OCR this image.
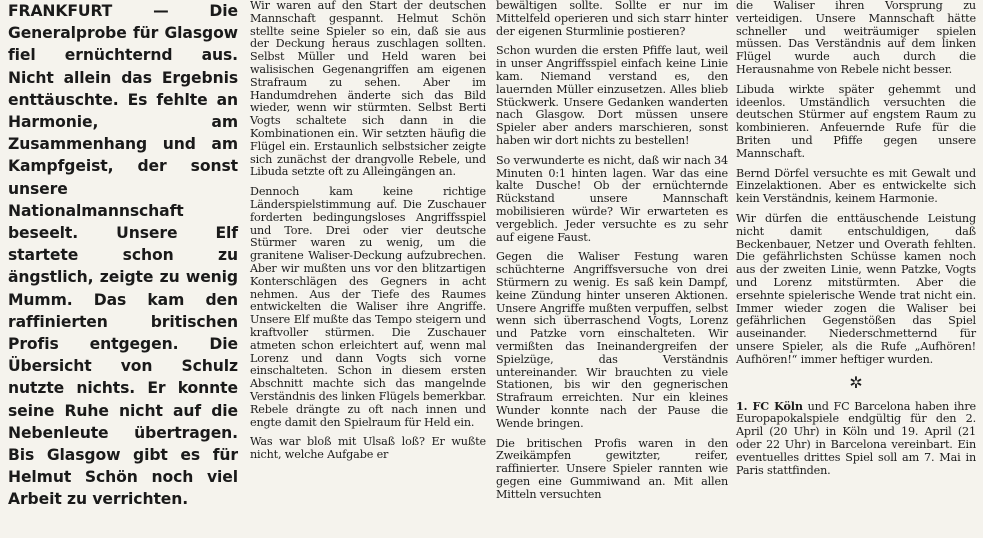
FRANKFURT — Die Generalprobe für Glasgow fiel ernüchternd aus. Nicht allein das Ergebnis enttäuschte. Es fehlte an Harmonie, am Zusammenhang und am Kampfgeist, der sonst unsere Nationalmannschaft beseelt. Unsere Elf startete schon zu ängstlich, zeigte zu wenig Mumm. Das kam den raffinierten britischen Profis entgegen. Die Übersicht von Schulz nutzte nichts. Er konnte seine Ruhe nicht auf die Nebenleute übertragen. Bis Glasgow gibt es für Helmut Schön noch viel Arbeit zu verrichten.

Wir waren auf den Start der deutschen Mannschaft gespannt. Helmut Schön stellte seine Spieler so ein, daß sie aus der Deckung heraus zuschlagen sollten. Selbst Müller und Held waren bei walisischen Gegenangriffen am eigenen Strafraum zu sehen. Aber im Handumdrehen änderte sich das Bild wieder, wenn wir stürmten. Selbst Berti Vogts schaltete sich dann in die Kombinationen ein. Wir setzten häufig die Flügel ein. Erstaunlich selbstsicher zeigte sich zunächst der drangvolle Rebele, und Libuda setzte oft zu Alleingängen an.

Dennoch kam keine richtige Länderspielstimmung auf. Die Zuschauer forderten bedingungsloses Angriffsspiel und Tore. Drei oder vier deutsche Stürmer waren zu wenig, um die granitene Waliser-Deckung aufzubrechen. Aber wir mußten uns vor den blitzartigen Konterschlägen des Gegners in acht nehmen. Aus der Tiefe des Raumes entwickelten die Waliser ihre Angriffe. Unsere Elf mußte das Tempo steigern und kraftvoller stürmen. Die Zuschauer atmeten schon erleichtert auf, wenn mal Lorenz und dann Vogts sich vorne einschalteten. Schon in diesem ersten Abschnitt machte sich das mangelnde Verständnis des linken Flügels bemerkbar. Rebele drängte zu oft nach innen und engte damit den Spielraum für Held ein.

Was war bloß mit Ulsaß loß? Er wußte nicht, welche Aufgabe er

bewältigen sollte. Sollte er nur im Mittelfeld operieren und sich starr hinter der eigenen Sturmlinie postieren?

Schon wurden die ersten Pfiffe laut, weil in unser Angriffsspiel einfach keine Linie kam. Niemand verstand es, den lauernden Müller einzusetzen. Alles blieb Stückwerk. Unsere Gedanken wanderten nach Glasgow. Dort müssen unsere Spieler aber anders marschieren, sonst haben wir dort nichts zu bestellen!

So verwunderte es nicht, daß wir nach 34 Minuten 0:1 hinten lagen. War das eine kalte Dusche! Ob der ernüchternde Rückstand unsere Mannschaft mobilisieren würde? Wir erwarteten es vergeblich. Jeder versuchte es zu sehr auf eigene Faust.

Gegen die Waliser Festung waren schüchterne Angriffsversuche von drei Stürmern zu wenig. Es saß kein Dampf, keine Zündung hinter unseren Aktionen. Unsere Angriffe mußten verpuffen, selbst wenn sich überraschend Vogts, Lorenz und Patzke vorn einschalteten. Wir vermißten das Ineinandergreifen der Spielzüge, das Verständnis untereinander. Wir brauchten zu viele Stationen, bis wir den gegnerischen Strafraum erreichten. Nur ein kleines Wunder konnte nach der Pause die Wende bringen.

Die britischen Profis waren in den Zweikämpfen gewitzter, reifer, raffinierter. Unsere Spieler rannten wie gegen eine Gummiwand an. Mit allen Mitteln versuchten

die Waliser ihren Vorsprung zu verteidigen. Unsere Mannschaft hätte schneller und weiträumiger spielen müssen. Das Verständnis auf dem linken Flügel wurde auch durch die Herausnahme von Rebele nicht besser.

Libuda wirkte später gehemmt und ideenlos. Umständlich versuchten die deutschen Stürmer auf engstem Raum zu kombinieren. Anfeuernde Rufe für die Briten und Pfiffe gegen unsere Mannschaft.

Bernd Dörfel versuchte es mit Gewalt und Einzelaktionen. Aber es entwickelte sich kein Verständnis, keinem Harmonie.

Wir dürfen die enttäuschende Leistung nicht damit entschuldigen, daß Beckenbauer, Netzer und Overath fehlten. Die gefährlichsten Schüsse kamen noch aus der zweiten Linie, wenn Patzke, Vogts und Lorenz mitstürmten. Aber die ersehnte spielerische Wende trat nicht ein. Immer wieder zogen die Waliser bei gefährlichen Gegenstößen das Spiel auseinander. Niederschmetternd für unsere Spieler, als die Rufe „Aufhören! Aufhören!“ immer heftiger wurden.

✲

1. FC Köln und FC Barcelona haben ihre Europapokalspiele endgültig für den 2. April (20 Uhr) in Köln und 19. April (21 oder 22 Uhr) in Barcelona vereinbart. Ein eventuelles drittes Spiel soll am 7. Mai in Paris stattfinden.
